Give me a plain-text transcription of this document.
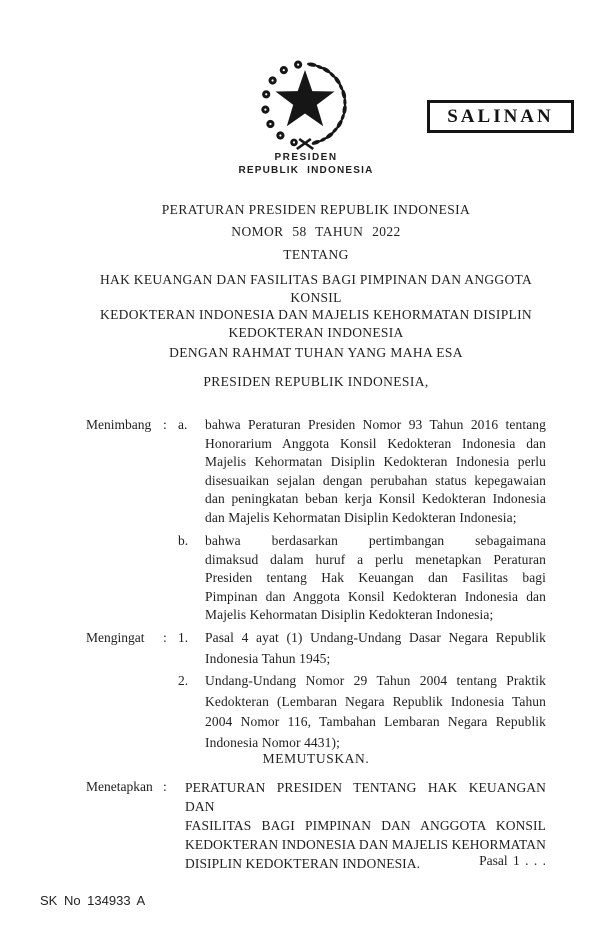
PRESIDEN
REPUBLIK INDONESIA
SALINAN
PERATURAN PRESIDEN REPUBLIK INDONESIA
NOMOR 58 TAHUN 2022
TENTANG
HAK KEUANGAN DAN FASILITAS BAGI PIMPINAN DAN ANGGOTA KONSIL
KEDOKTERAN INDONESIA DAN MAJELIS KEHORMATAN DISIPLIN
KEDOKTERAN INDONESIA
DENGAN RAHMAT TUHAN YANG MAHA ESA
PRESIDEN REPUBLIK INDONESIA,
Menimbang : a.	bahwa Peraturan Presiden Nomor 93 Tahun 2016 tentang
Honorarium Anggota Konsil Kedokteran Indonesia dan
Majelis Kehormatan Disiplin Kedokteran Indonesia perlu
disesuaikan sejalan dengan perubahan status kepegawaian
dan peningkatan beban kerja Konsil Kedokteran Indonesia
dan Majelis Kehormatan Disiplin Kedokteran Indonesia;
b.	bahwa berdasarkan pertimbangan sebagaimana
dimaksud dalam huruf a perlu menetapkan Peraturan
Presiden tentang Hak Keuangan dan Fasilitas bagi
Pimpinan dan Anggota Konsil Kedokteran Indonesia dan
Majelis Kehormatan Disiplin Kedokteran Indonesia;
Mengingat	: 1.	Pasal 4 ayat (1) Undang-Undang Dasar Negara Republik
Indonesia Tahun 1945;
2.	Undang-Undang Nomor 29 Tahun 2004 tentang Praktik
Kedokteran (Lembaran Negara Republik Indonesia Tahun
2004 Nomor 116, Tambahan Lembaran Negara Republik
Indonesia Nomor 4431);
MEMUTUSKAN.
Menetapkan :	PERATURAN PRESIDEN TENTANG HAK KEUANGAN DAN
FASILITAS BAGI PIMPINAN DAN ANGGOTA KONSIL
KEDOKTERAN INDONESIA DAN MAJELIS KEHORMATAN
DISIPLIN KEDOKTERAN INDONESIA.	Pasal 1 . . .
SK No 134933 A
